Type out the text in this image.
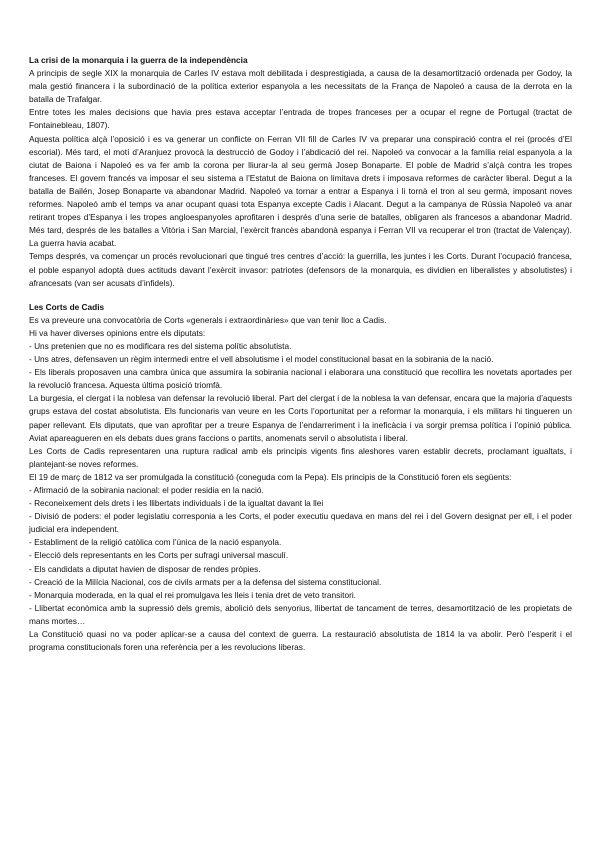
La crisi de la monarquia i la guerra de la independència

A principis de segle XIX la monarquia de Carles IV estava molt debilitada i desprestigiada, a causa de la desamortització ordenada per Godoy, la mala gestió financera i la subordinació de la política exterior espanyola a les necessitats de la França de Napoleó a causa de la derrota en la batalla de Trafalgar.

Entre totes les males decisions que havia pres estava acceptar l’entrada de tropes franceses per a ocupar el regne de Portugal (tractat de Fontainebleau, 1807).

Aquesta política alçà l’oposició i es va generar un conflicte on Ferran VII fill de Carles IV va preparar una conspiració contra el rei (procés d’El escorial). Més tard, el motí d’Aranjuez provocà la destrucció de Godoy i l’abdicació del rei. Napoleó va convocar a la família reial espanyola a la ciutat de Baiona i Napoleó es va fer amb la corona per lliurar-la al seu germà Josep Bonaparte. El poble de Madrid s’alçà contra les tropes franceses. El govern francés va imposar el seu sistema a l’Estatut de Baiona on limitava drets i imposava reformes de caràcter liberal. Degut a la batalla de Bailén, Josep Bonaparte va abandonar Madrid. Napoleó va tornar a entrar a Espanya i li tornà el tron al seu germà, imposant noves reformes. Napoleó amb el temps va anar ocupant quasi tota Espanya excepte Cadis i Alacant. Degut a la campanya de Rússia Napoleó va anar retirant tropes d’Espanya i les tropes angloespanyoles aprofitaren i després d’una serie de batalles, obligaren als francesos a abandonar Madrid. Més tard, després de les batalles a Vitòria i San Marcial, l’exèrcit francès abandonà espanya i Ferran VII va recuperar el tron (tractat de Valençay). La guerra havia acabat.

Temps després, va començar un procés revolucionari que tingué tres centres d’acció: la guerrilla, les juntes i les Corts. Durant l’ocupació francesa, el poble espanyol adoptà dues actituds davant l’exèrcit invasor: patriotes (defensors de la monarquia, es dividien en liberalistes y absolutistes) i afrancesats (van ser acusats d’infidels).

Les Corts de Cadis

Es va preveure una convocatòria de Corts «generals i extraordinàries» que van tenir lloc a Cadis.

Hi va haver diverses opinions entre els diputats:

- Uns pretenien que no es modificara res del sistema polític absolutista.

- Uns atres, defensaven un règim intermedi entre el vell absolutisme i el model constitucional basat en la sobirania de la nació.

- Els liberals proposaven una cambra única que assumira la sobirania nacional i elaborara una constitució que recollira les novetats aportades per la revolució francesa. Aquesta última posició triomfà.

La burgesia, el clergat i la noblesa van defensar la revolució liberal. Part del clergat i de la noblesa la van defensar, encara que la majoria d’aquests grups estava del costat absolutista. Els funcionaris van veure en les Corts l’oportunitat per a reformar la monarquia, i els militars hi tingueren un paper rellevant. Els diputats, que van aprofitar per a treure Espanya de l’endarreriment i la ineficàcia i va sorgir premsa política i l’opinió pública. Aviat apareagueren en els debats dues grans faccions o partits, anomenats servil o absolutista i liberal.

Les Corts de Cadis representaren una ruptura radical amb els principis vigents fins aleshores varen establir decrets, proclamant igualtats, i plantejant-se noves reformes.

El 19 de març de 1812 va ser promulgada la constitució (coneguda com la Pepa). Els principis de la Constitució foren els següents:

- Afirmació de la sobirania nacional: el poder residia en la nació.

- Reconeixement dels drets i les llibertats individuals i de la igualtat davant la llei

- Divisió de poders: el poder legislatiu corresponia a les Corts, el poder executiu quedava en mans del rei i del Govern designat per ell, i el poder judicial era independent.

- Establiment de la religió catòlica com l’única de la nació espanyola.

- Elecció dels representants en les Corts per sufragi universal masculí.

- Els candidats a diputat havien de disposar de rendes pròpies.

- Creació de la Milícia Nacional, cos de civils armats per a la defensa del sistema constitucional.

- Monarquia moderada, en la qual el rei promulgava les lleis i tenia dret de veto transitori.

- Llibertat econòmica amb la supressió dels gremis, abolició dels senyorius, llibertat de tancament de terres, desamortització de les propietats de mans mortes…

La Constitució quasi no va poder aplicar-se a causa del context de guerra. La restauració absolutista de 1814 la va abolir. Però l’esperit i el programa constitucionals foren una referència per a les revolucions liberas.
